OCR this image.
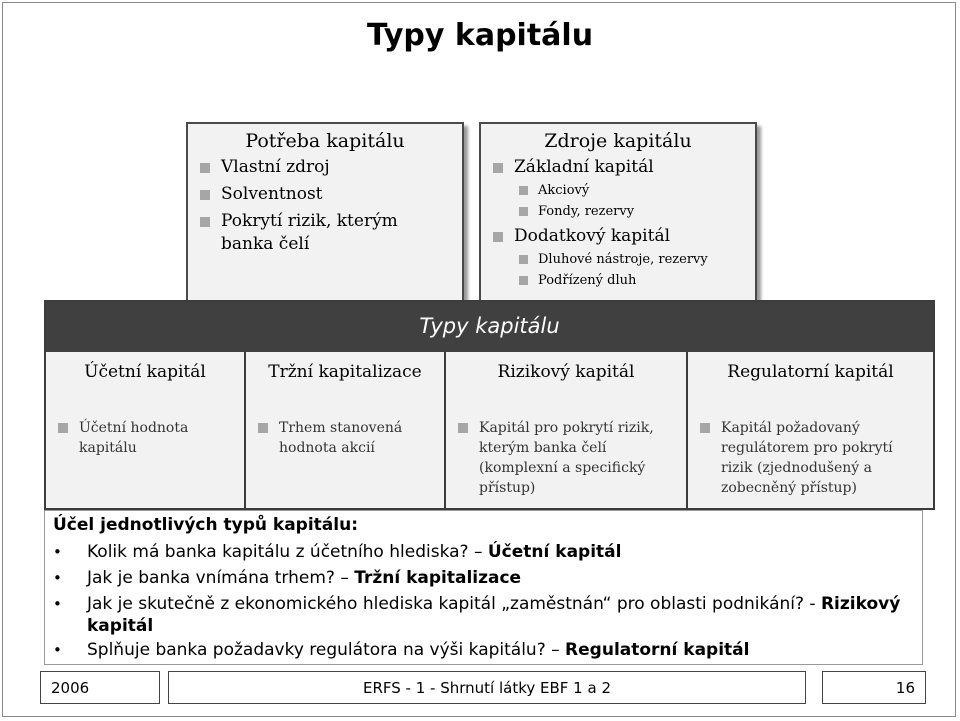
Typy kapitálu
Potřeba kapitálu
Vlastní zdroj
Solventnost
Pokrytí rizik, kterým banka čelí
Zdroje kapitálu
Základní kapitál
Akciový
Fondy, rezervy
Dodatkový kapitál
Dluhové nástroje, rezervy
Podřízený dluh
Typy kapitálu
Účetní kapitál
Účetní hodnota kapitálu
Tržní kapitalizace
Trhem stanovená hodnota akcií
Rizikový kapitál
Kapitál pro pokrytí rizik, kterým banka čelí (komplexní a specifický přístup)
Regulatorní kapitál
Kapitál požadovaný regulátorem pro pokrytí rizik (zjednodušený a zobecněný přístup)
Účel jednotlivých typů kapitálu:
•	Kolik má banka kapitálu z účetního hlediska? – Účetní kapitál
•	Jak je banka vnímána trhem? – Tržní kapitalizace
•	Jak je skutečně z ekonomického hlediska kapitál „zaměstnán“ pro oblasti podnikání? - Rizikový kapitál
•	Splňuje banka požadavky regulátora na výši kapitálu? – Regulatorní kapitál
2006	ERFS - 1 - Shrnutí látky EBF 1 a 2	16
